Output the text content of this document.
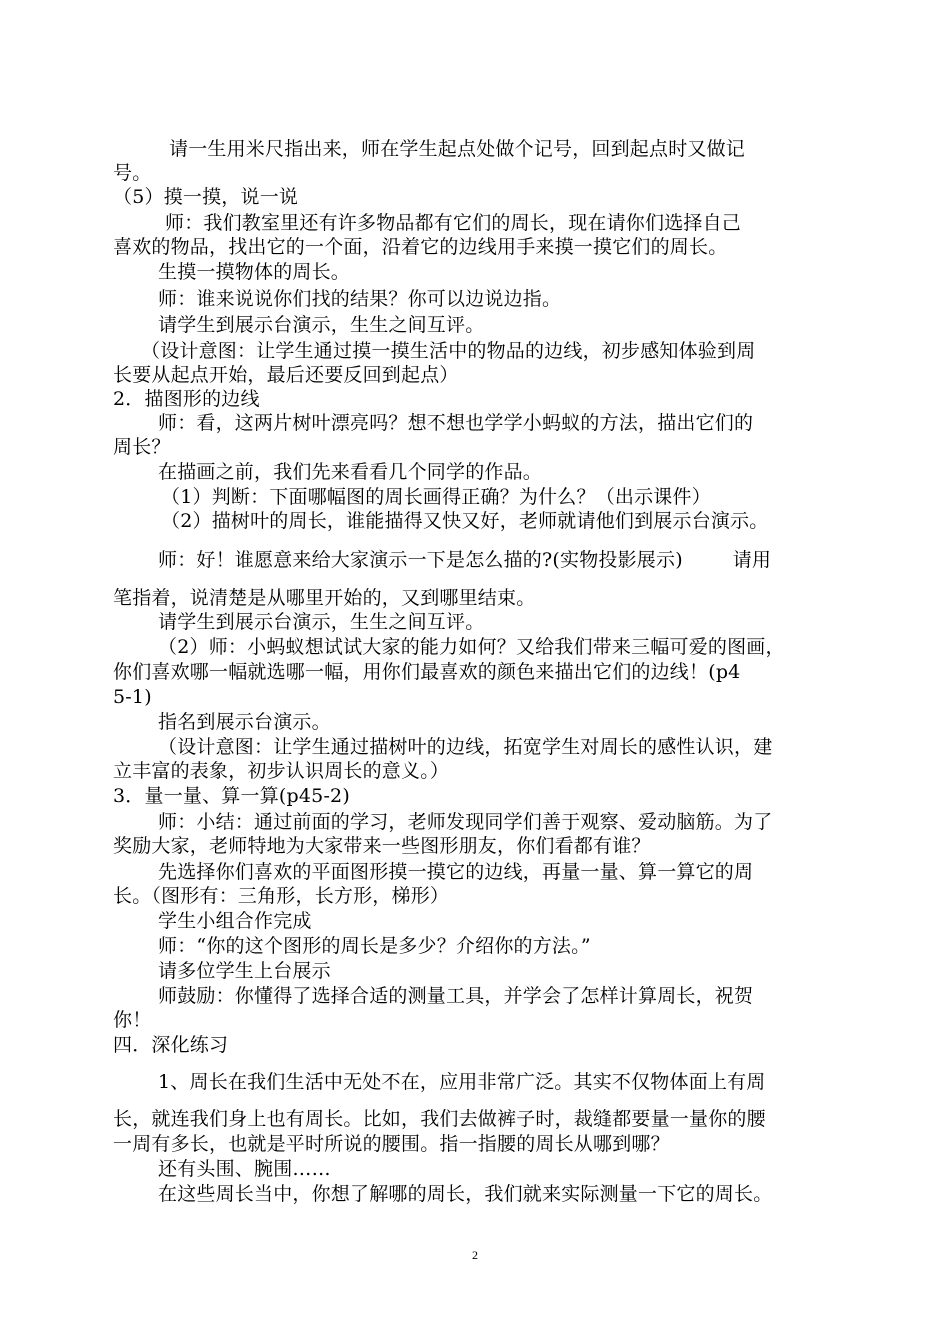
请一生用米尺指出来，师在学生起点处做个记号，回到起点时又做记
号。
（5）摸一摸，说一说
师：我们教室里还有许多物品都有它们的周长，现在请你们选择自己
喜欢的物品，找出它的一个面，沿着它的边线用手来摸一摸它们的周长。
生摸一摸物体的周长。
师：谁来说说你们找的结果？你可以边说边指。
请学生到展示台演示，生生之间互评。
（设计意图：让学生通过摸一摸生活中的物品的边线，初步感知体验到周
长要从起点开始，最后还要反回到起点）
2．描图形的边线
师：看，这两片树叶漂亮吗？想不想也学学小蚂蚁的方法，描出它们的
周长？
在描画之前，我们先来看看几个同学的作品。
（1）判断：下面哪幅图的周长画得正确？为什么？（出示课件）
（2）描树叶的周长，谁能描得又快又好，老师就请他们到展示台演示。
师：好！谁愿意来给大家演示一下是怎么描的?(实物投影展示)        请用
笔指着，说清楚是从哪里开始的，又到哪里结束。
请学生到展示台演示，生生之间互评。
（2）师：小蚂蚁想试试大家的能力如何？又给我们带来三幅可爱的图画，
你们喜欢哪一幅就选哪一幅，用你们最喜欢的颜色来描出它们的边线！(p4
5-1)
指名到展示台演示。
（设计意图：让学生通过描树叶的边线，拓宽学生对周长的感性认识，建
立丰富的表象，初步认识周长的意义。）
3．量一量、算一算(p45-2)
师：小结：通过前面的学习，老师发现同学们善于观察、爱动脑筋。为了
奖励大家，老师特地为大家带来一些图形朋友，你们看都有谁？
先选择你们喜欢的平面图形摸一摸它的边线，再量一量、算一算它的周
长。（图形有：三角形，长方形，梯形）
学生小组合作完成
师：“你的这个图形的周长是多少？介绍你的方法。”
请多位学生上台展示
师鼓励：你懂得了选择合适的测量工具，并学会了怎样计算周长，祝贺
你！
四．深化练习
1、周长在我们生活中无处不在，应用非常广泛。其实不仅物体面上有周
长，就连我们身上也有周长。比如，我们去做裤子时，裁缝都要量一量你的腰
一周有多长，也就是平时所说的腰围。指一指腰的周长从哪到哪？
还有头围、腕围……
在这些周长当中，你想了解哪的周长，我们就来实际测量一下它的周长。
2
